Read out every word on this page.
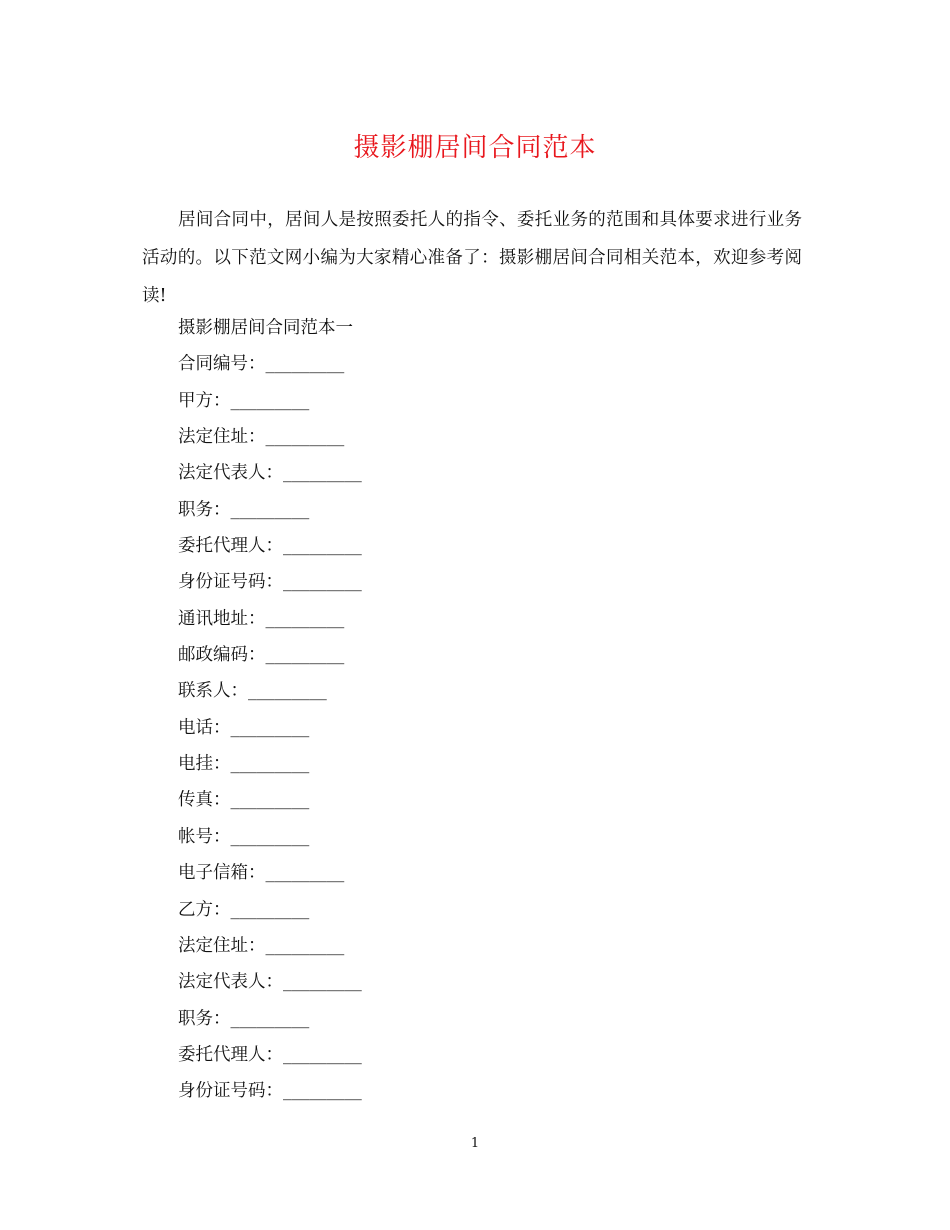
摄影棚居间合同范本

居间合同中，居间人是按照委托人的指令、委托业务的范围和具体要求进行业务活动的。以下范文网小编为大家精心准备了：摄影棚居间合同相关范本，欢迎参考阅读!

摄影棚居间合同范本一
合同编号：_________
甲方：_________
法定住址：_________
法定代表人：_________
职务：_________
委托代理人：_________
身份证号码：_________
通讯地址：_________
邮政编码：_________
联系人：_________
电话：_________
电挂：_________
传真：_________
帐号：_________
电子信箱：_________
乙方：_________
法定住址：_________
法定代表人：_________
职务：_________
委托代理人：_________
身份证号码：_________
1
